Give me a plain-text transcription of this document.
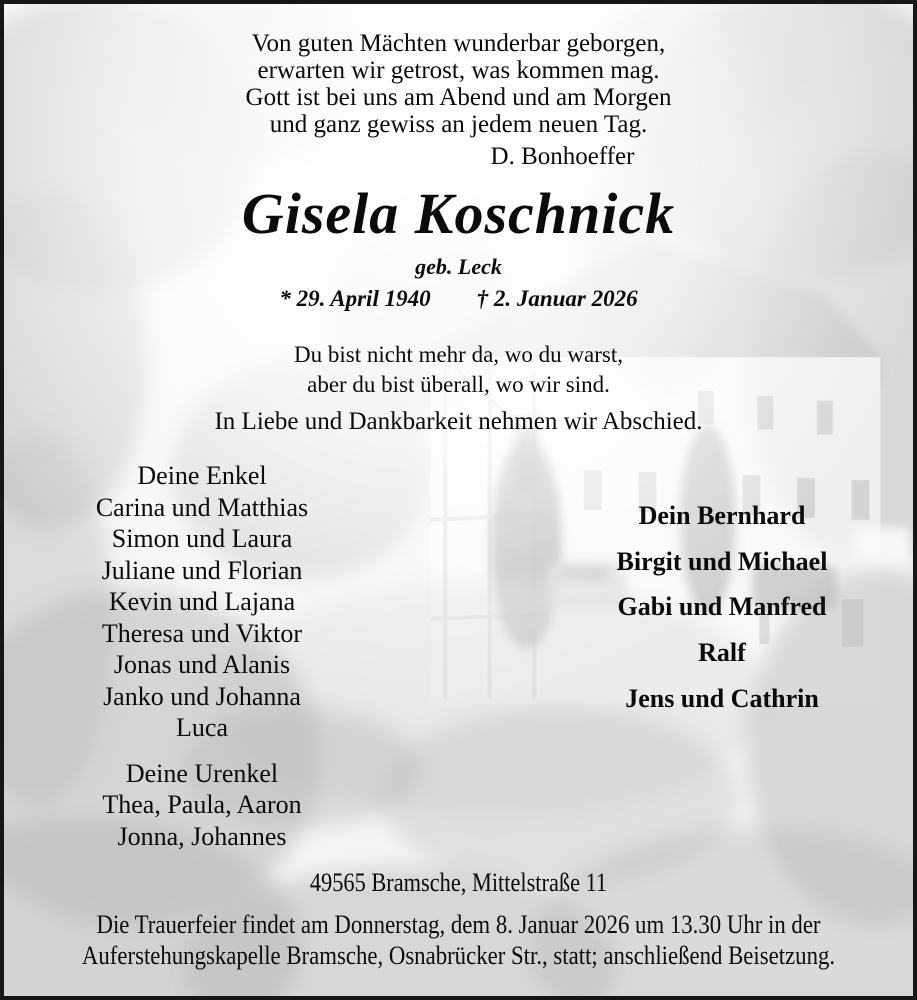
Von guten Mächten wunderbar geborgen,
erwarten wir getrost, was kommen mag.
Gott ist bei uns am Abend und am Morgen
und ganz gewiss an jedem neuen Tag.
D. Bonhoeffer
Gisela Koschnick
geb. Leck
* 29. April 1940 † 2. Januar 2026
Du bist nicht mehr da, wo du warst,
aber du bist überall, wo wir sind.
In Liebe und Dankbarkeit nehmen wir Abschied.
Deine Enkel
Carina und Matthias
Simon und Laura
Juliane und Florian
Kevin und Lajana
Theresa und Viktor
Jonas und Alanis
Janko und Johanna
Luca
Deine Urenkel
Thea, Paula, Aaron
Jonna, Johannes
Dein Bernhard
Birgit und Michael
Gabi und Manfred
Ralf
Jens und Cathrin
49565 Bramsche, Mittelstraße 11
Die Trauerfeier findet am Donnerstag, dem 8. Januar 2026 um 13.30 Uhr in der
Auferstehungskapelle Bramsche, Osnabrücker Str., statt; anschließend Beisetzung.
